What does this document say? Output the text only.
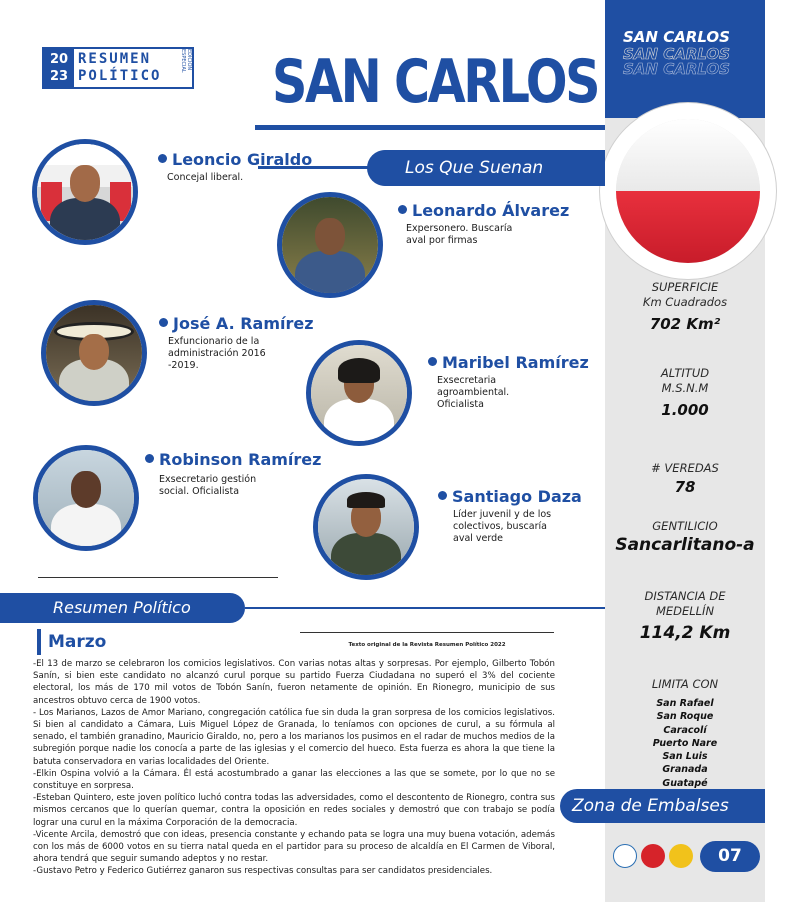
SAN CARLOS
SAN CARLOS
SAN CARLOS
20
23
RESUMEN
POLÍTICO
EDICIÓN ESPECIAL SAN CARLOS
Los Que Suenan
Leoncio Giraldo
Concejal liberal.
Leonardo Álvarez
Expersonero. Buscaría aval por firmas
José A. Ramírez
Exfuncionario de la administración 2016 -2019.	Maribel Ramírez
Exsecretaria agroambiental. Oficialista
Robinson Ramírez
Exsecretario gestión social. Oficialista	Santiago Daza
Líder juvenil y de los colectivos, buscaría aval verde
SUPERFICIE
Km Cuadrados
702 Km²
ALTITUD
M.S.N.M
1.000
# VEREDAS
78
GENTILICIO
Sancarlitano-a
DISTANCIA DE
MEDELLÍN
114,2 Km
LIMITA CON
San Rafael
San Roque
Caracolí
Puerto Nare
San Luis
Granada
Guatapé
Zona de Embalses
07
Resumen Político
Marzo	Texto original de la Revista Resumen Político 2022

-El 13 de marzo se celebraron los comicios legislativos. Con varias notas altas y sorpresas. Por ejemplo, Gilberto Tobón Sanín, si bien este candidato no alcanzó curul porque su partido Fuerza Ciudadana no superó el 3% del cociente electoral, los más de 170 mil votos de Tobón Sanín, fueron netamente de opinión. En Rionegro, municipio de sus ancestros obtuvo cerca de 1900 votos.

- Los Marianos, Lazos de Amor Mariano, congregación católica fue sin duda la gran sorpresa de los comicios legislativos. Si bien al candidato a Cámara, Luis Miguel López de Granada, lo teníamos con opciones de curul, a su fórmula al senado, el también granadino, Mauricio Giraldo, no, pero a los marianos los pusimos en el radar de muchos medios de la subregión porque nadie los conocía a parte de las iglesias y el comercio del hueco. Esta fuerza es ahora la que tiene la batuta conservadora en varias localidades del Oriente.

-Elkin Ospina volvió a la Cámara. Él está acostumbrado a ganar las elecciones a las que se somete, por lo que no se constituye en sorpresa.

-Esteban Quintero, este joven político luchó contra todas las adversidades, como el descontento de Rionegro, contra sus mismos cercanos que lo querían quemar, contra la oposición en redes sociales y demostró que con trabajo se podía lograr una curul en la máxima Corporación de la democracia.

-Vicente Arcila, demostró que con ideas, presencia constante y echando pata se logra una muy buena votación, además con los más de 6000 votos en su tierra natal queda en el partidor para su proceso de alcaldía en El Carmen de Viboral, ahora tendrá que seguir sumando adeptos y no restar.

-Gustavo Petro y Federico Gutiérrez ganaron sus respectivas consultas para ser candidatos presidenciales.
